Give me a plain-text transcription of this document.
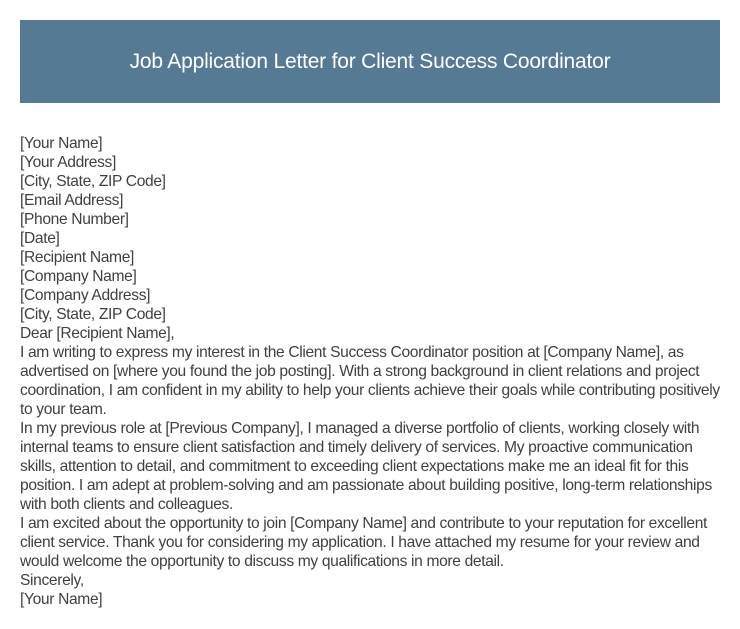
Job Application Letter for Client Success Coordinator
[Your Name]
[Your Address]
[City, State, ZIP Code]
[Email Address]
[Phone Number]
[Date]
[Recipient Name]
[Company Name]
[Company Address]
[City, State, ZIP Code]
Dear [Recipient Name],
I am writing to express my interest in the Client Success Coordinator position at [Company Name], as advertised on [where you found the job posting]. With a strong background in client relations and project coordination, I am confident in my ability to help your clients achieve their goals while contributing positively to your team.
In my previous role at [Previous Company], I managed a diverse portfolio of clients, working closely with internal teams to ensure client satisfaction and timely delivery of services. My proactive communication skills, attention to detail, and commitment to exceeding client expectations make me an ideal fit for this position. I am adept at problem-solving and am passionate about building positive, long-term relationships with both clients and colleagues.
I am excited about the opportunity to join [Company Name] and contribute to your reputation for excellent client service. Thank you for considering my application. I have attached my resume for your review and would welcome the opportunity to discuss my qualifications in more detail.
Sincerely,
[Your Name]
